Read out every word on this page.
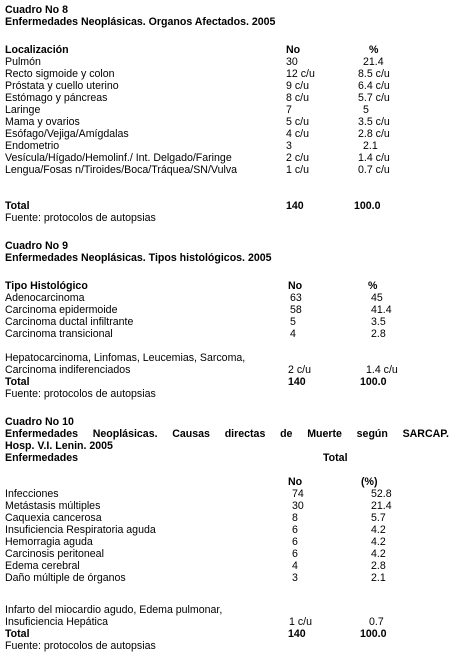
Cuadro No 8
Enfermedades Neoplásicas. Organos Afectados. 2005
Localización	No	%
Pulmón	30	21.4
Recto sigmoide y colon	12 c/u	8.5 c/u
Próstata y cuello uterino	9 c/u	6.4 c/u
Estómago y páncreas	8 c/u	5.7 c/u
Laringe	7	5
Mama y ovarios	5 c/u	3.5 c/u
Esófago/Vejiga/Amígdalas	4 c/u	2.8 c/u
Endometrio	3	2.1
Vesícula/Hígado/Hemolinf./ Int. Delgado/Faringe	2 c/u	1.4 c/u
Lengua/Fosas n/Tiroides/Boca/Tráquea/SN/Vulva	1 c/u	0.7 c/u
Total	140	100.0
Fuente: protocolos de autopsias
Cuadro No 9
Enfermedades Neoplásicas. Tipos histológicos. 2005
Tipo Histológico	No	%
Adenocarcinoma	63	45
Carcinoma epidermoide	58	41.4
Carcinoma ductal infiltrante	5	3.5
Carcinoma transicional	4	2.8
Hepatocarcinoma, Linfomas, Leucemias, Sarcoma,
Carcinoma indiferenciados	2 c/u	1.4 c/u
Total	140	100.0
Fuente: protocolos de autopsias
Cuadro No 10
Enfermedades Neoplásicas. Causas directas de Muerte según SARCAP.
Hosp. V.I. Lenin. 2005
Enfermedades	Total
No	(%)
Infecciones	74	52.8
Metástasis múltiples	30	21.4
Caquexia cancerosa	8	5.7
Insuficiencia Respiratoria aguda	6	4.2
Hemorragia aguda	6	4.2
Carcinosis peritoneal	6	4.2
Edema cerebral	4	2.8
Daño múltiple de órganos	3	2.1
Infarto del miocardio agudo, Edema pulmonar,
Insuficiencia Hepática	1 c/u	0.7
Total	140	100.0
Fuente: protocolos de autopsias
